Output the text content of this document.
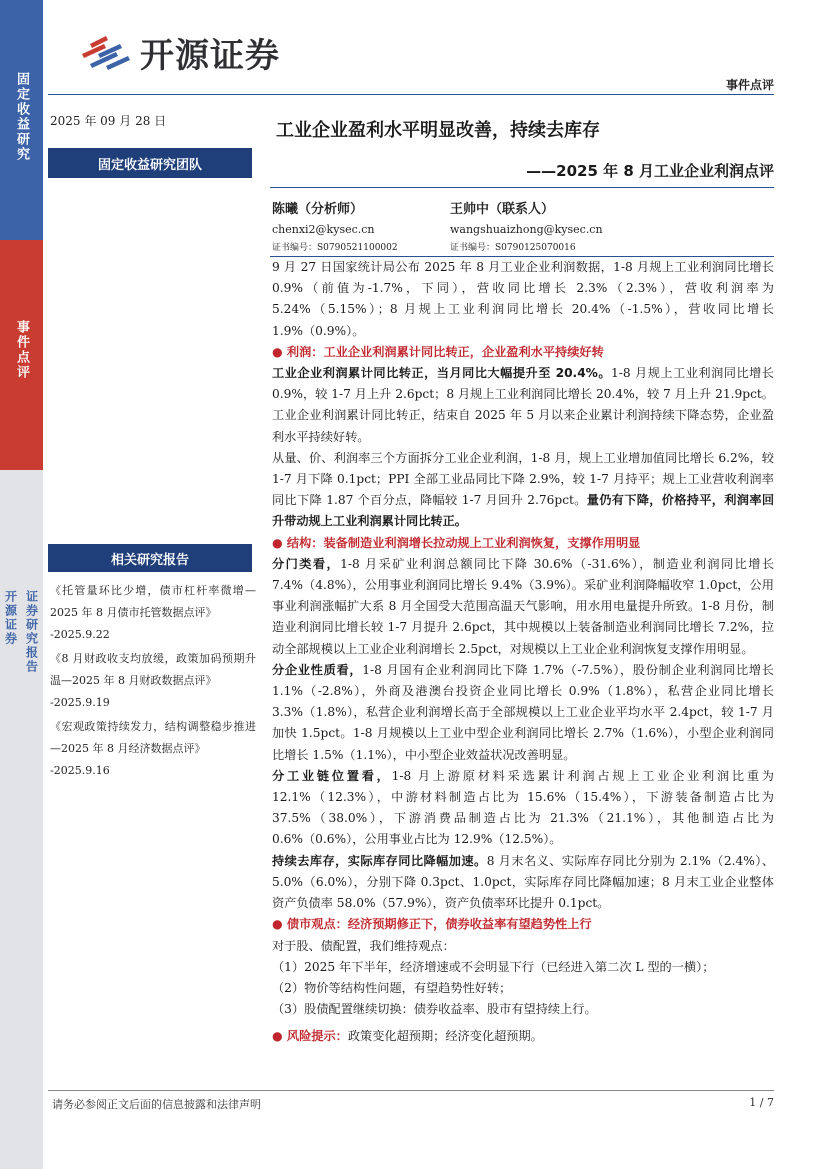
固定收益研究
事件点评
开源证券 证券研究报告
开源证券
事件点评
2025 年 09 月 28 日
固定收益研究团队
工业企业盈利水平明显改善，持续去库存
——2025 年 8 月工业企业利润点评
陈曦（分析师）
chenxi2@kysec.cn
证书编号：S0790521100002
王帅中（联系人）
wangshuaizhong@kysec.cn
证书编号：S0790125070016

9 月 27 日国家统计局公布 2025 年 8 月工业企业利润数据，1-8 月规上工业利润同比增长 0.9%（前值为-1.7%，下同），营收同比增长 2.3%（2.3%），营收利润率为 5.24%（5.15%）；8 月规上工业利润同比增长 20.4%（-1.5%），营收同比增长 1.9%（0.9%）。

● 利润：工业企业利润累计同比转正，企业盈利水平持续好转

工业企业利润累计同比转正，当月同比大幅提升至 20.4%。1-8 月规上工业利润同比增长 0.9%，较 1-7 月上升 2.6pct；8 月规上工业利润同比增长 20.4%，较 7 月上升 21.9pct。工业企业利润累计同比转正，结束自 2025 年 5 月以来企业累计利润持续下降态势，企业盈利水平持续好转。

从量、价、利润率三个方面拆分工业企业利润，1-8 月，规上工业增加值同比增长 6.2%，较 1-7 月下降 0.1pct；PPI 全部工业品同比下降 2.9%，较 1-7 月持平；规上工业营收利润率同比下降 1.87 个百分点，降幅较 1-7 月回升 2.76pct。量仍有下降，价格持平，利润率回升带动规上工业利润累计同比转正。

● 结构：装备制造业利润增长拉动规上工业利润恢复，支撑作用明显

分门类看，1-8 月采矿业利润总额同比下降 30.6%（-31.6%），制造业利润同比增长 7.4%（4.8%），公用事业利润同比增长 9.4%（3.9%）。采矿业利润降幅收窄 1.0pct，公用事业利润涨幅扩大系 8 月全国受大范围高温天气影响，用水用电量提升所致。1-8 月份，制造业利润同比增长较 1-7 月提升 2.6pct，其中规模以上装备制造业利润同比增长 7.2%，拉动全部规模以上工业企业利润增长 2.5pct，对规模以上工业企业利润恢复支撑作用明显。

分企业性质看，1-8 月国有企业利润同比下降 1.7%（-7.5%），股份制企业利润同比增长 1.1%（-2.8%），外商及港澳台投资企业同比增长 0.9%（1.8%），私营企业同比增长 3.3%（1.8%），私营企业利润增长高于全部规模以上工业企业平均水平 2.4pct，较 1-7 月加快 1.5pct。1-8 月规模以上工业中型企业利润同比增长 2.7%（1.6%），小型企业利润同比增长 1.5%（1.1%），中小型企业效益状况改善明显。

分工业链位置看，1-8 月上游原材料采选累计利润占规上工业企业利润比重为 12.1%（12.3%），中游材料制造占比为 15.6%（15.4%），下游装备制造占比为 37.5%（38.0%），下游消费品制造占比为 21.3%（21.1%），其他制造占比为 0.6%（0.6%），公用事业占比为 12.9%（12.5%）。

持续去库存，实际库存同比降幅加速。8 月末名义、实际库存同比分别为 2.1%（2.4%）、5.0%（6.0%），分别下降 0.3pct、1.0pct，实际库存同比降幅加速；8 月末工业企业整体资产负债率 58.0%（57.9%），资产负债率环比提升 0.1pct。

● 债市观点：经济预期修正下，债券收益率有望趋势性上行

对于股、债配置，我们维持观点：

（1）2025 年下半年，经济增速或不会明显下行（已经进入第二次 L 型的一横）；

（2）物价等结构性问题，有望趋势性好转；

（3）股债配置继续切换：债券收益率、股市有望持续上行。

● 风险提示：政策变化超预期；经济变化超预期。

相关研究报告
《托管量环比少增，债市杠杆率微增—2025 年 8 月债市托管数据点评》
-2025.9.22
《8 月财政收支均放缓，政策加码预期升温—2025 年 8 月财政数据点评》
-2025.9.19
《宏观政策持续发力，结构调整稳步推进—2025 年 8 月经济数据点评》
-2025.9.16
请务必参阅正文后面的信息披露和法律声明	1 / 7
